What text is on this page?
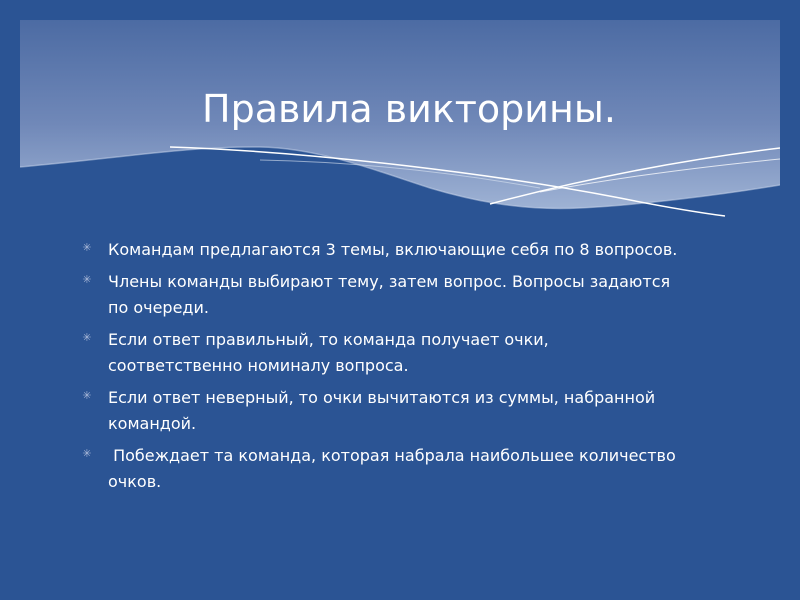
Правила викторины.
✳ Командам предлагаются 3 темы, включающие себя по 8 вопросов.
✳ Члены команды выбирают тему, затем вопрос. Вопросы задаются по очереди.
✳ Если ответ правильный, то команда получает очки, соответственно номиналу вопроса.
✳ Если ответ неверный, то очки вычитаются из суммы, набранной командой.
✳ Побеждает та команда, которая набрала наибольшее количество очков.
